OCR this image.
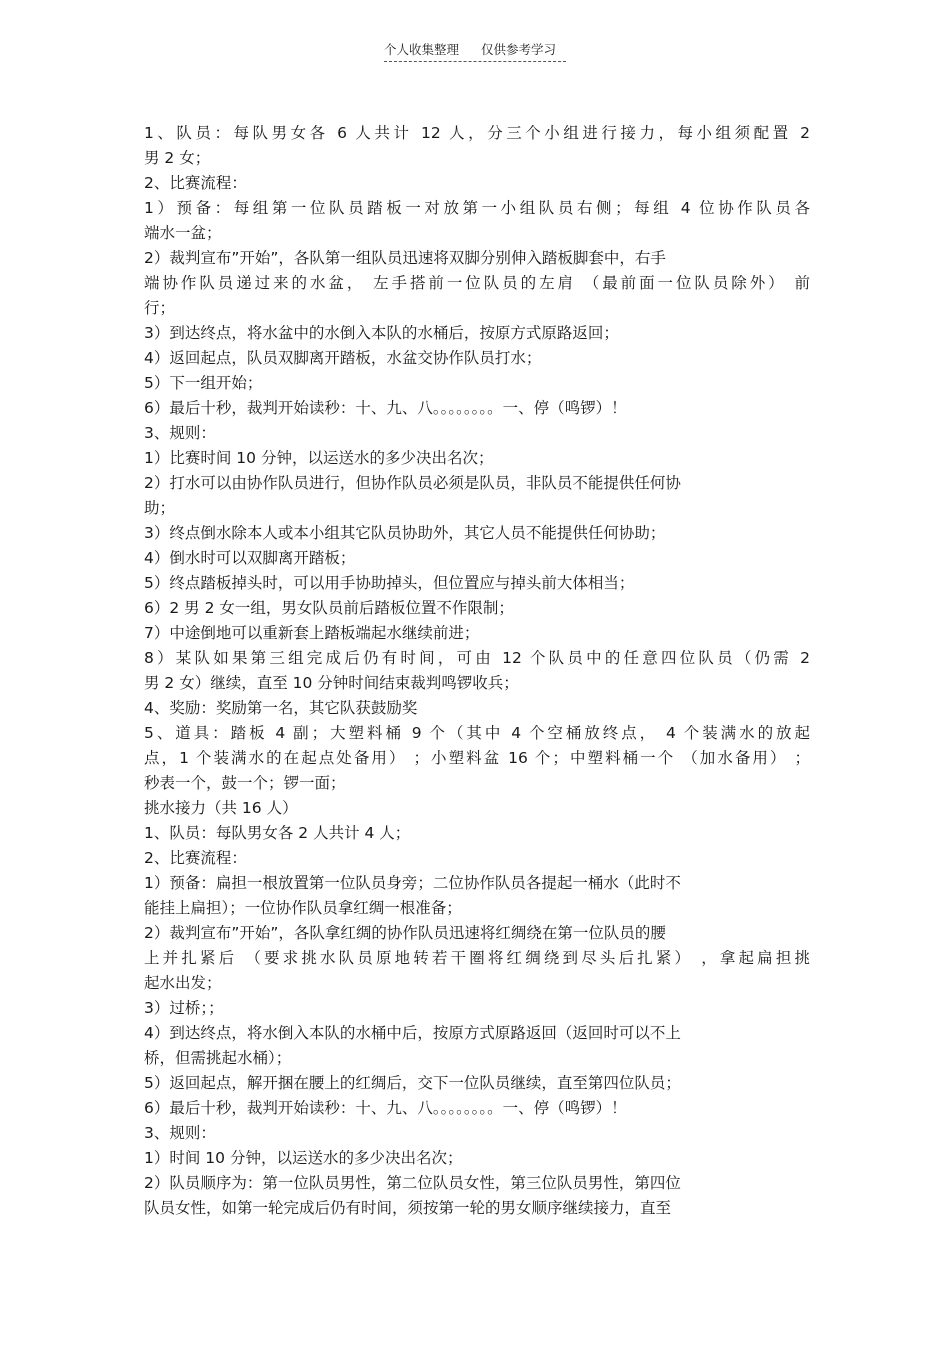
个人收集整理 仅供参考学习
1、队员：每队男女各 6 人共计 12 人，分三个小组进行接力，每小组须配置 2
男 2 女；
2、比赛流程：
1）预备：每组第一位队员踏板一对放第一小组队员右侧；每组 4 位协作队员各
端水一盆；
2）裁判宣布”开始”，各队第一组队员迅速将双脚分别伸入踏板脚套中，右手
端协作队员递过来的水盆， 左手搭前一位队员的左肩 （最前面一位队员除外） 前
行；
3）到达终点，将水盆中的水倒入本队的水桶后，按原方式原路返回；
4）返回起点，队员双脚离开踏板，水盆交协作队员打水；
5）下一组开始；
6）最后十秒，裁判开始读秒：十、九、八。。。。。。。。一、停（鸣锣）！
3、规则：
1）比赛时间 10 分钟，以运送水的多少决出名次；
2）打水可以由协作队员进行，但协作队员必须是队员，非队员不能提供任何协
助；
3）终点倒水除本人或本小组其它队员协助外，其它人员不能提供任何协助；
4）倒水时可以双脚离开踏板；
5）终点踏板掉头时，可以用手协助掉头，但位置应与掉头前大体相当；
6）2 男 2 女一组，男女队员前后踏板位置不作限制；
7）中途倒地可以重新套上踏板端起水继续前进；
8）某队如果第三组完成后仍有时间，可由 12 个队员中的任意四位队员（仍需 2
男 2 女）继续，直至 10 分钟时间结束裁判鸣锣收兵；
4、奖励：奖励第一名，其它队获鼓励奖
5、道具：踏板 4 副；大塑料桶 9 个（其中 4 个空桶放终点， 4 个装满水的放起
点，1 个装满水的在起点处备用） ；小塑料盆 16 个；中塑料桶一个 （加水备用） ；
秒表一个，鼓一个；锣一面；
挑水接力（共 16 人）
1、队员：每队男女各 2 人共计 4 人；
2、比赛流程：
1）预备：扁担一根放置第一位队员身旁；二位协作队员各提起一桶水（此时不
能挂上扁担）；一位协作队员拿红绸一根准备；
2）裁判宣布”开始”，各队拿红绸的协作队员迅速将红绸绕在第一位队员的腰
上并扎紧后 （要求挑水队员原地转若干圈将红绸绕到尽头后扎紧） ，拿起扁担挑
起水出发；
3）过桥；；
4）到达终点，将水倒入本队的水桶中后，按原方式原路返回（返回时可以不上
桥，但需挑起水桶）；
5）返回起点，解开捆在腰上的红绸后，交下一位队员继续，直至第四位队员；
6）最后十秒，裁判开始读秒：十、九、八。。。。。。。。一、停（鸣锣）！
3、规则：
1）时间 10 分钟，以运送水的多少决出名次；
2）队员顺序为：第一位队员男性，第二位队员女性，第三位队员男性，第四位
队员女性，如第一轮完成后仍有时间，须按第一轮的男女顺序继续接力，直至
